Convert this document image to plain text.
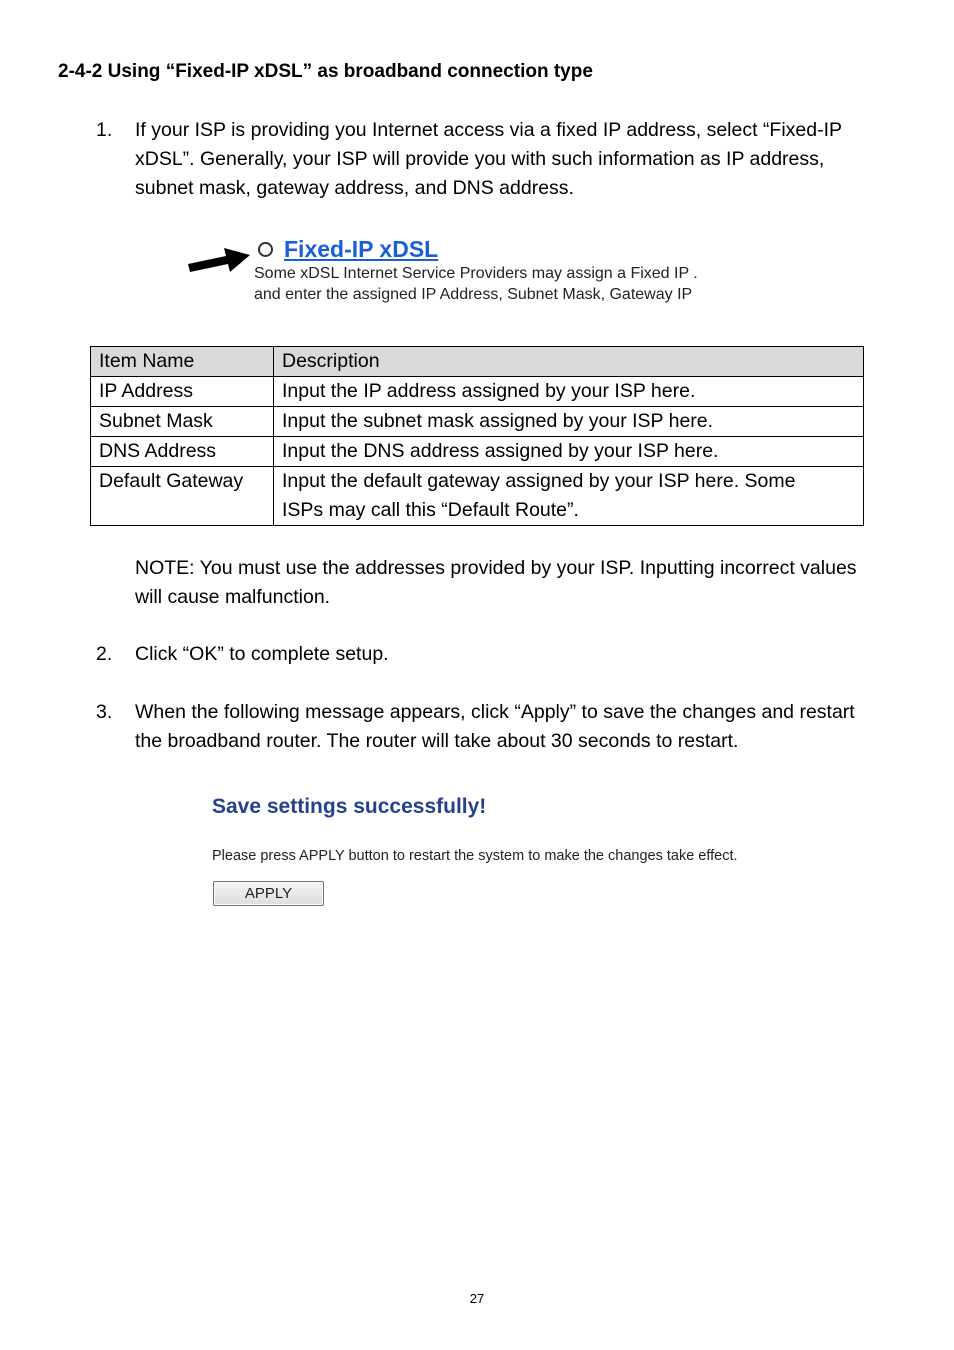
2-4-2 Using “Fixed-IP xDSL” as broadband connection type
1. If your ISP is providing you Internet access via a fixed IP address, select “Fixed-IP
xDSL”. Generally, your ISP will provide you with such information as IP address,
subnet mask, gateway address, and DNS address.
Fixed-IP xDSL
Some xDSL Internet Service Providers may assign a Fixed IP .
and enter the assigned IP Address, Subnet Mask, Gateway IP
Item Name	Description
IP Address	Input the IP address assigned by your ISP here.
Subnet Mask	Input the subnet mask assigned by your ISP here.
DNS Address	Input the DNS address assigned by your ISP here.
Default Gateway	Input the default gateway assigned by your ISP here. Some
ISPs may call this “Default Route”.
NOTE: You must use the addresses provided by your ISP. Inputting incorrect values
will cause malfunction.
2. Click “OK” to complete setup.
3. When the following message appears, click “Apply” to save the changes and restart
the broadband router. The router will take about 30 seconds to restart.
Save settings successfully!
Please press APPLY button to restart the system to make the changes take effect.
APPLY
27
